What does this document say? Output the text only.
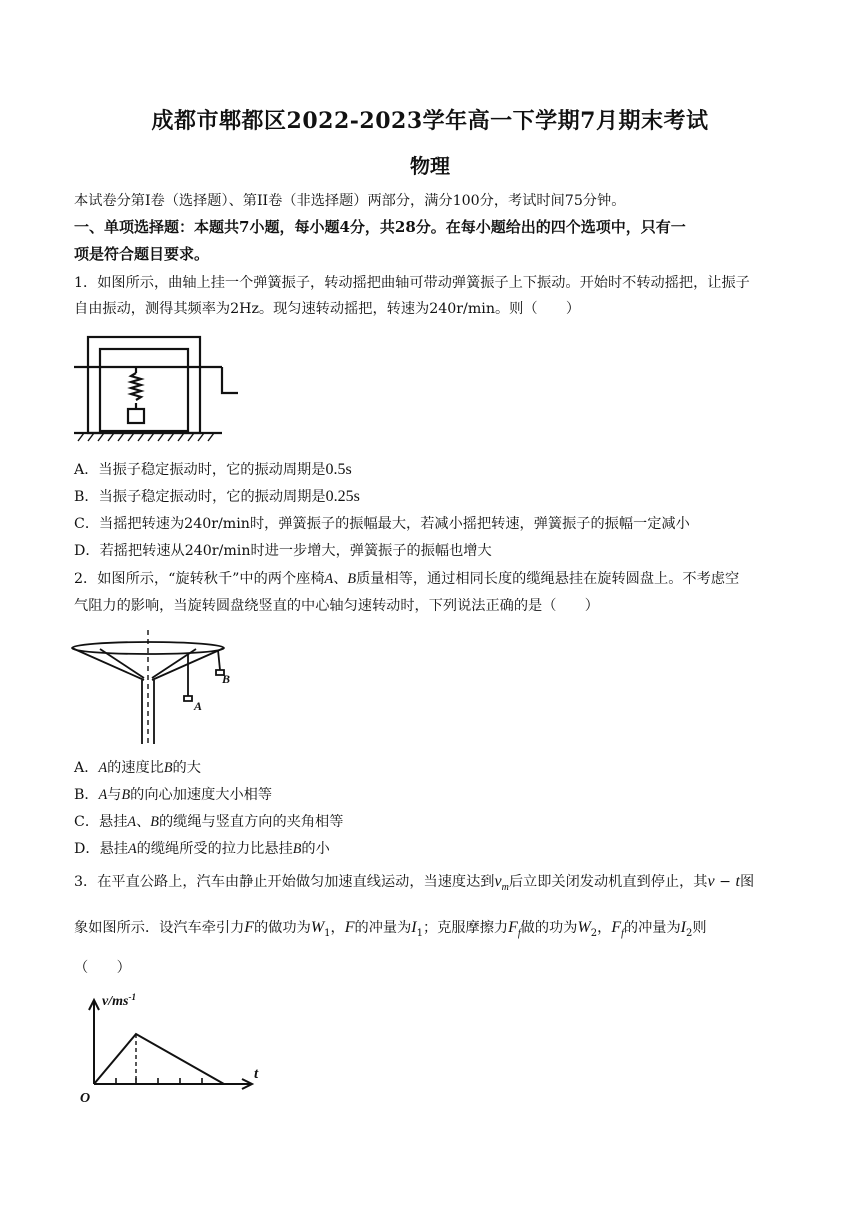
成都市郫都区2022-2023学年高一下学期7月期末考试
物理
本试卷分第I卷（选择题）、第II卷（非选择题）两部分，满分100分，考试时间75分钟。
一、单项选择题：本题共7小题，每小题4分，共28分。在每小题给出的四个选项中，只有一
项是符合题目要求。
1．如图所示，曲轴上挂一个弹簧振子，转动摇把曲轴可带动弹簧振子上下振动。开始时不转动摇把，让振子
自由振动，测得其频率为2Hz。现匀速转动摇把，转速为240r/min。则（　　）
A．当振子稳定振动时，它的振动周期是0.5s
B．当振子稳定振动时，它的振动周期是0.25s
C．当摇把转速为240r/min时，弹簧振子的振幅最大，若减小摇把转速，弹簧振子的振幅一定减小
D．若摇把转速从240r/min时进一步增大，弹簧振子的振幅也增大
2．如图所示，“旋转秋千”中的两个座椅A、B质量相等，通过相同长度的缆绳悬挂在旋转圆盘上。不考虑空
气阻力的影响，当旋转圆盘绕竖直的中心轴匀速转动时，下列说法正确的是（　　）
A
B
A．A的速度比B的大
B．A与B的向心加速度大小相等
C．悬挂A、B的缆绳与竖直方向的夹角相等
D．悬挂A的缆绳所受的拉力比悬挂B的小
3．在平直公路上，汽车由静止开始做匀加速直线运动，当速度达到$v_m$后立即关闭发动机直到停止，其v − t图
象如图所示．设汽车牵引力F的做功为$W_1$，F的冲量为$I_1$；克服摩擦力$F_f$做的功为$W_2$，$F_f$的冲量为$I_2$则
（　　）
$v/ms^{-1}$
t
O
